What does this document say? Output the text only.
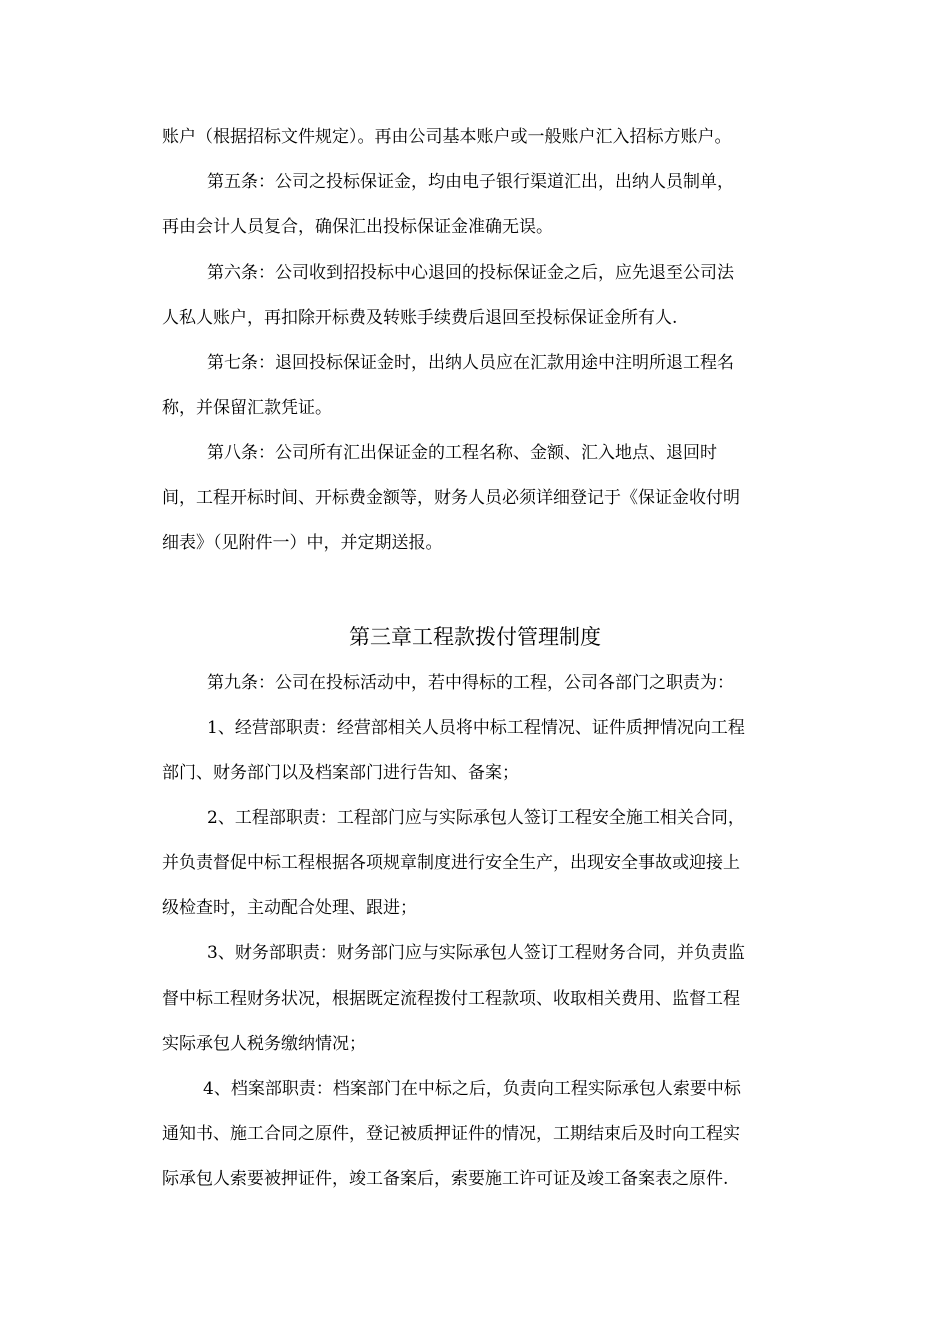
账户（根据招标文件规定）。再由公司基本账户或一般账户汇入招标方账户。
第五条：公司之投标保证金，均由电子银行渠道汇出，出纳人员制单，
再由会计人员复合，确保汇出投标保证金准确无误。
第六条：公司收到招投标中心退回的投标保证金之后，应先退至公司法
人私人账户，再扣除开标费及转账手续费后退回至投标保证金所有人.
第七条：退回投标保证金时，出纳人员应在汇款用途中注明所退工程名
称，并保留汇款凭证。
第八条：公司所有汇出保证金的工程名称、金额、汇入地点、退回时
间，工程开标时间、开标费金额等，财务人员必须详细登记于《保证金收付明
细表》（见附件一）中，并定期送报。
第三章工程款拨付管理制度
第九条：公司在投标活动中，若中得标的工程，公司各部门之职责为：
1、经营部职责：经营部相关人员将中标工程情况、证件质押情况向工程
部门、财务部门以及档案部门进行告知、备案；
2、工程部职责：工程部门应与实际承包人签订工程安全施工相关合同，
并负责督促中标工程根据各项规章制度进行安全生产，出现安全事故或迎接上
级检查时，主动配合处理、跟进；
3、财务部职责：财务部门应与实际承包人签订工程财务合同，并负责监
督中标工程财务状况，根据既定流程拨付工程款项、收取相关费用、监督工程
实际承包人税务缴纳情况；
4、档案部职责：档案部门在中标之后，负责向工程实际承包人索要中标
通知书、施工合同之原件，登记被质押证件的情况，工期结束后及时向工程实
际承包人索要被押证件，竣工备案后，索要施工许可证及竣工备案表之原件.
